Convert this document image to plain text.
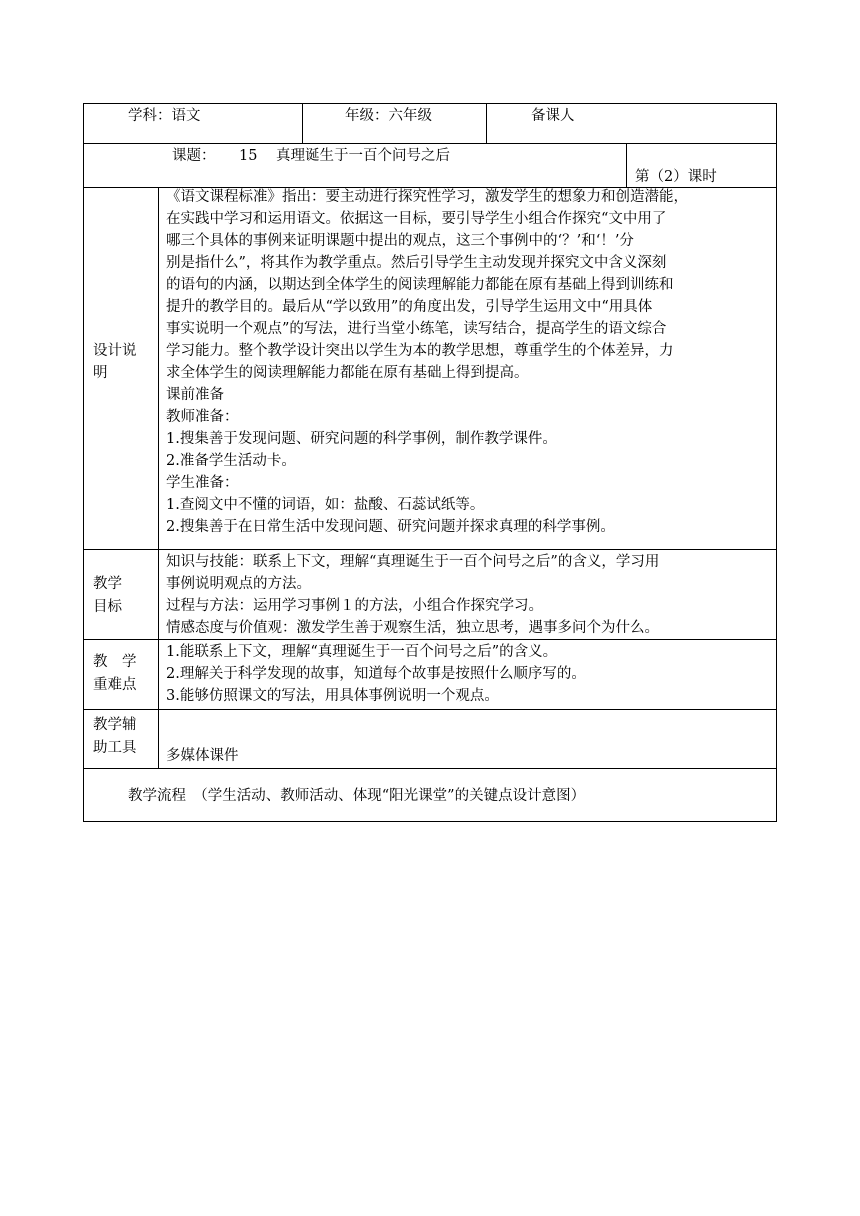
学科：语文	年级：六年级	备课人
课题： 15 真理诞生于一百个问号之后
第（2）课时
设计说
明
《语文课程标准》指出：要主动进行探究性学习，激发学生的想象力和创造潜能，
在实践中学习和运用语文。依据这一目标，要引导学生小组合作探究“文中用了
哪三个具体的事例来证明课题中提出的观点，这三个事例中的‘？’和‘！’分
别是指什么”，将其作为教学重点。然后引导学生主动发现并探究文中含义深刻
的语句的内涵，以期达到全体学生的阅读理解能力都能在原有基础上得到训练和
提升的教学目的。最后从“学以致用”的角度出发，引导学生运用文中“用具体
事实说明一个观点”的写法，进行当堂小练笔，读写结合，提高学生的语文综合
学习能力。整个教学设计突出以学生为本的教学思想，尊重学生的个体差异，力
求全体学生的阅读理解能力都能在原有基础上得到提高。
课前准备
教师准备：
1.搜集善于发现问题、研究问题的科学事例，制作教学课件。
2.准备学生活动卡。
学生准备：
1.查阅文中不懂的词语，如：盐酸、石蕊试纸等。
2.搜集善于在日常生活中发现问题、研究问题并探求真理的科学事例。
教学
目标
知识与技能：联系上下文，理解“真理诞生于一百个问号之后”的含义，学习用
事例说明观点的方法。
过程与方法：运用学习事例１的方法，小组合作探究学习。
情感态度与价值观：激发学生善于观察生活，独立思考，遇事多问个为什么。
教　学
重难点
1.能联系上下文，理解“真理诞生于一百个问号之后”的含义。
2.理解关于科学发现的故事，知道每个故事是按照什么顺序写的。
3.能够仿照课文的写法，用具体事例说明一个观点。
教学辅
助工具 多媒体课件
教学流程　（学生活动、教师活动、体现“阳光课堂”的关键点设计意图）
